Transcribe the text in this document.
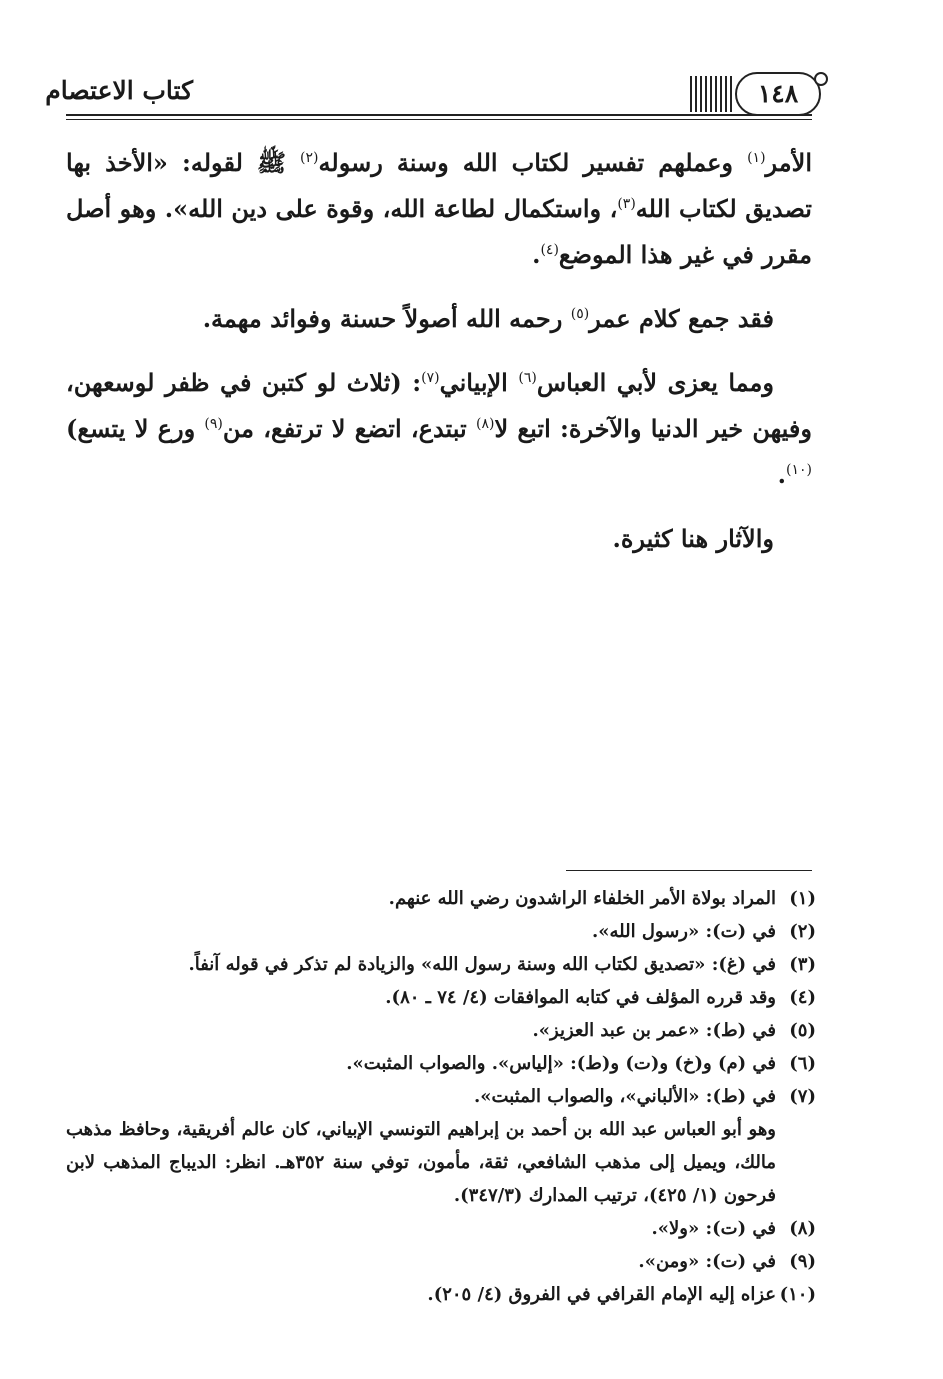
كتاب الاعتصام	١٤٨

الأمر$^{(١)}$ وعملهم تفسير لكتاب الله وسنة رسوله$^{(٢)}$ ﷺ لقوله: «الأخذ بها تصديق لكتاب الله$^{(٣)}$، واستكمال لطاعة الله، وقوة على دين الله». وهو أصل مقرر في غير هذا الموضع$^{(٤)}$.

فقد جمع كلام عمر$^{(٥)}$ رحمه الله أصولاً حسنة وفوائد مهمة.

ومما يعزى لأبي العباس$^{(٦)}$ الإبياني$^{(٧)}$: (ثلاث لو كتبن في ظفر لوسعهن، وفيهن خير الدنيا والآخرة: اتبع لا$^{(٨)}$ تبتدع، اتضع لا ترتفع، من$^{(٩)}$ ورع لا يتسع)$^{(١٠)}$.

والآثار هنا كثيرة.

(١)
المراد بولاة الأمر الخلفاء الراشدون رضي الله عنهم.
(٢)
في (ت): «رسول الله».
(٣)
في (غ): «تصديق لكتاب الله وسنة رسول الله» والزيادة لم تذكر في قوله آنفاً.
(٤)
وقد قرره المؤلف في كتابه الموافقات (٤/ ٧٤ ـ ٨٠).
(٥)
في (ط): «عمر بن عبد العزيز».
(٦)
في (م) و(خ) و(ت) و(ط): «إلياس». والصواب المثبت».
(٧)
في (ط): «الألباني»، والصواب المثبت».
وهو أبو العباس عبد الله بن أحمد بن إبراهيم التونسي الإبياني، كان عالم أفريقية، وحافظ مذهب مالك، ويميل إلى مذهب الشافعي، ثقة، مأمون، توفي سنة ٣٥٢هـ. انظر: الديباج المذهب لابن فرحون (١/ ٤٢٥)، ترتيب المدارك (٣٤٧/٣).
(٨)
في (ت): «ولا».
(٩)
في (ت): «ومن».
(١٠)
عزاه إليه الإمام القرافي في الفروق (٤/ ٢٠٥).
